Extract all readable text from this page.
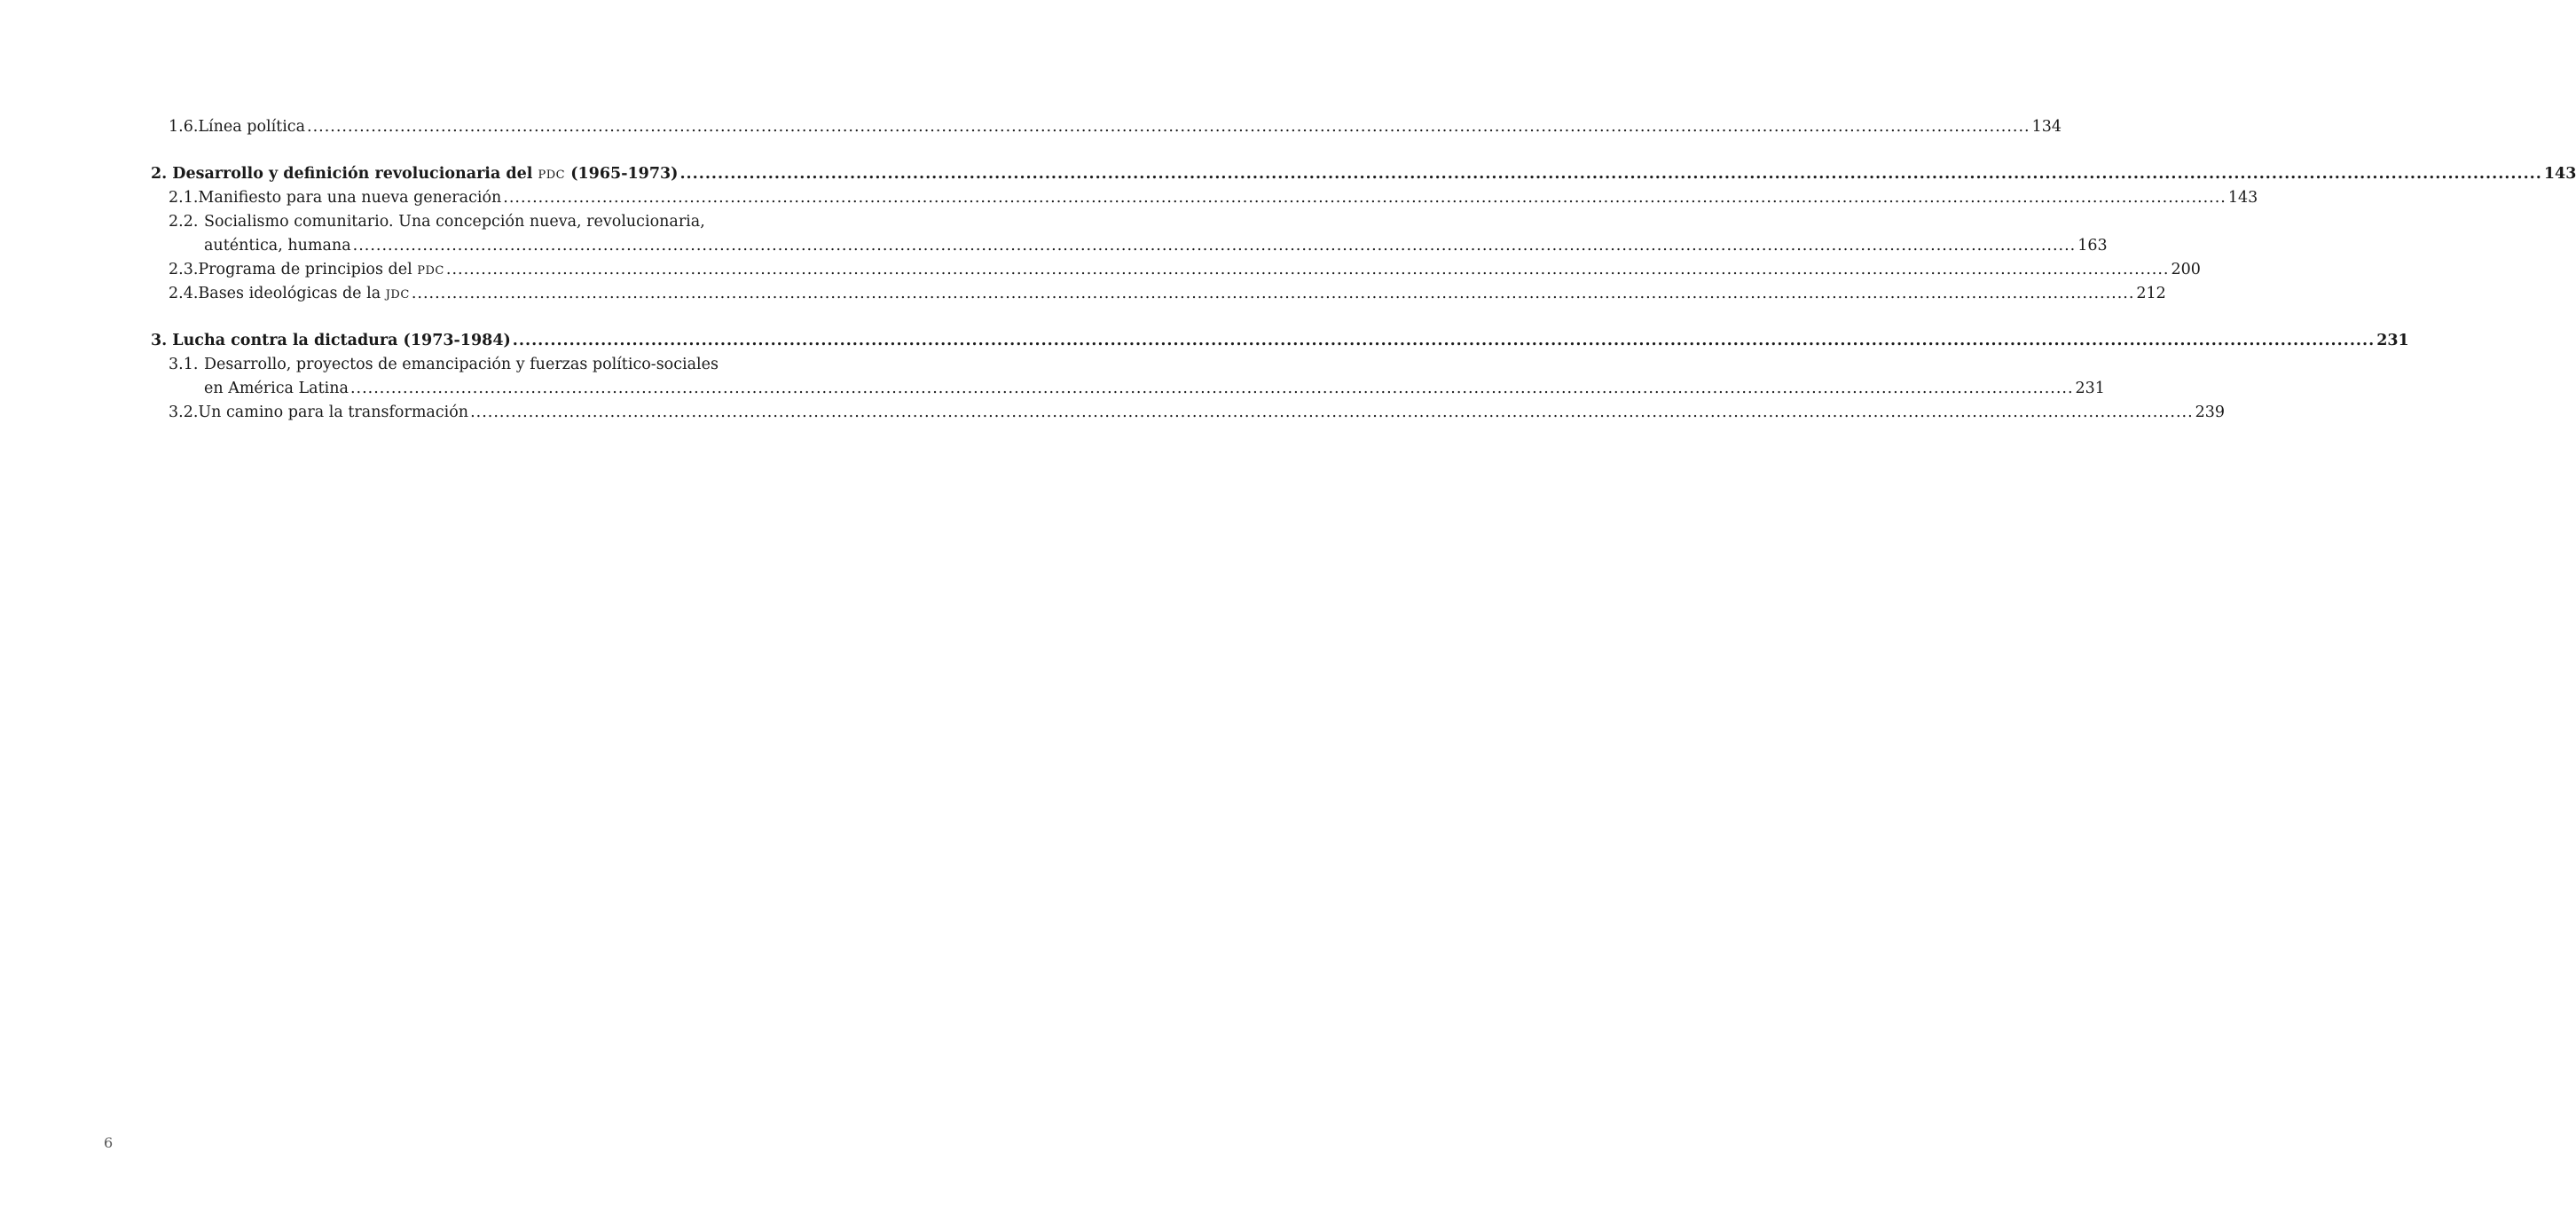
1.6. Línea política .....	134
2. Desarrollo y definición revolucionaria del PDC (1965-1973) .....	143
2.1. Manifiesto para una nueva generación .....	143
2.2. Socialismo comunitario. Una concepción nueva, revolucionaria,
auténtica, humana .....	163
2.3. Programa de principios del PDC .....	200
2.4. Bases ideológicas de la JDC .....	212
3. Lucha contra la dictadura (1973-1984) .....	231
3.1. Desarrollo, proyectos de emancipación y fuerzas político-sociales
en América Latina .....	231
3.2. Un camino para la transformación .....	239
6
